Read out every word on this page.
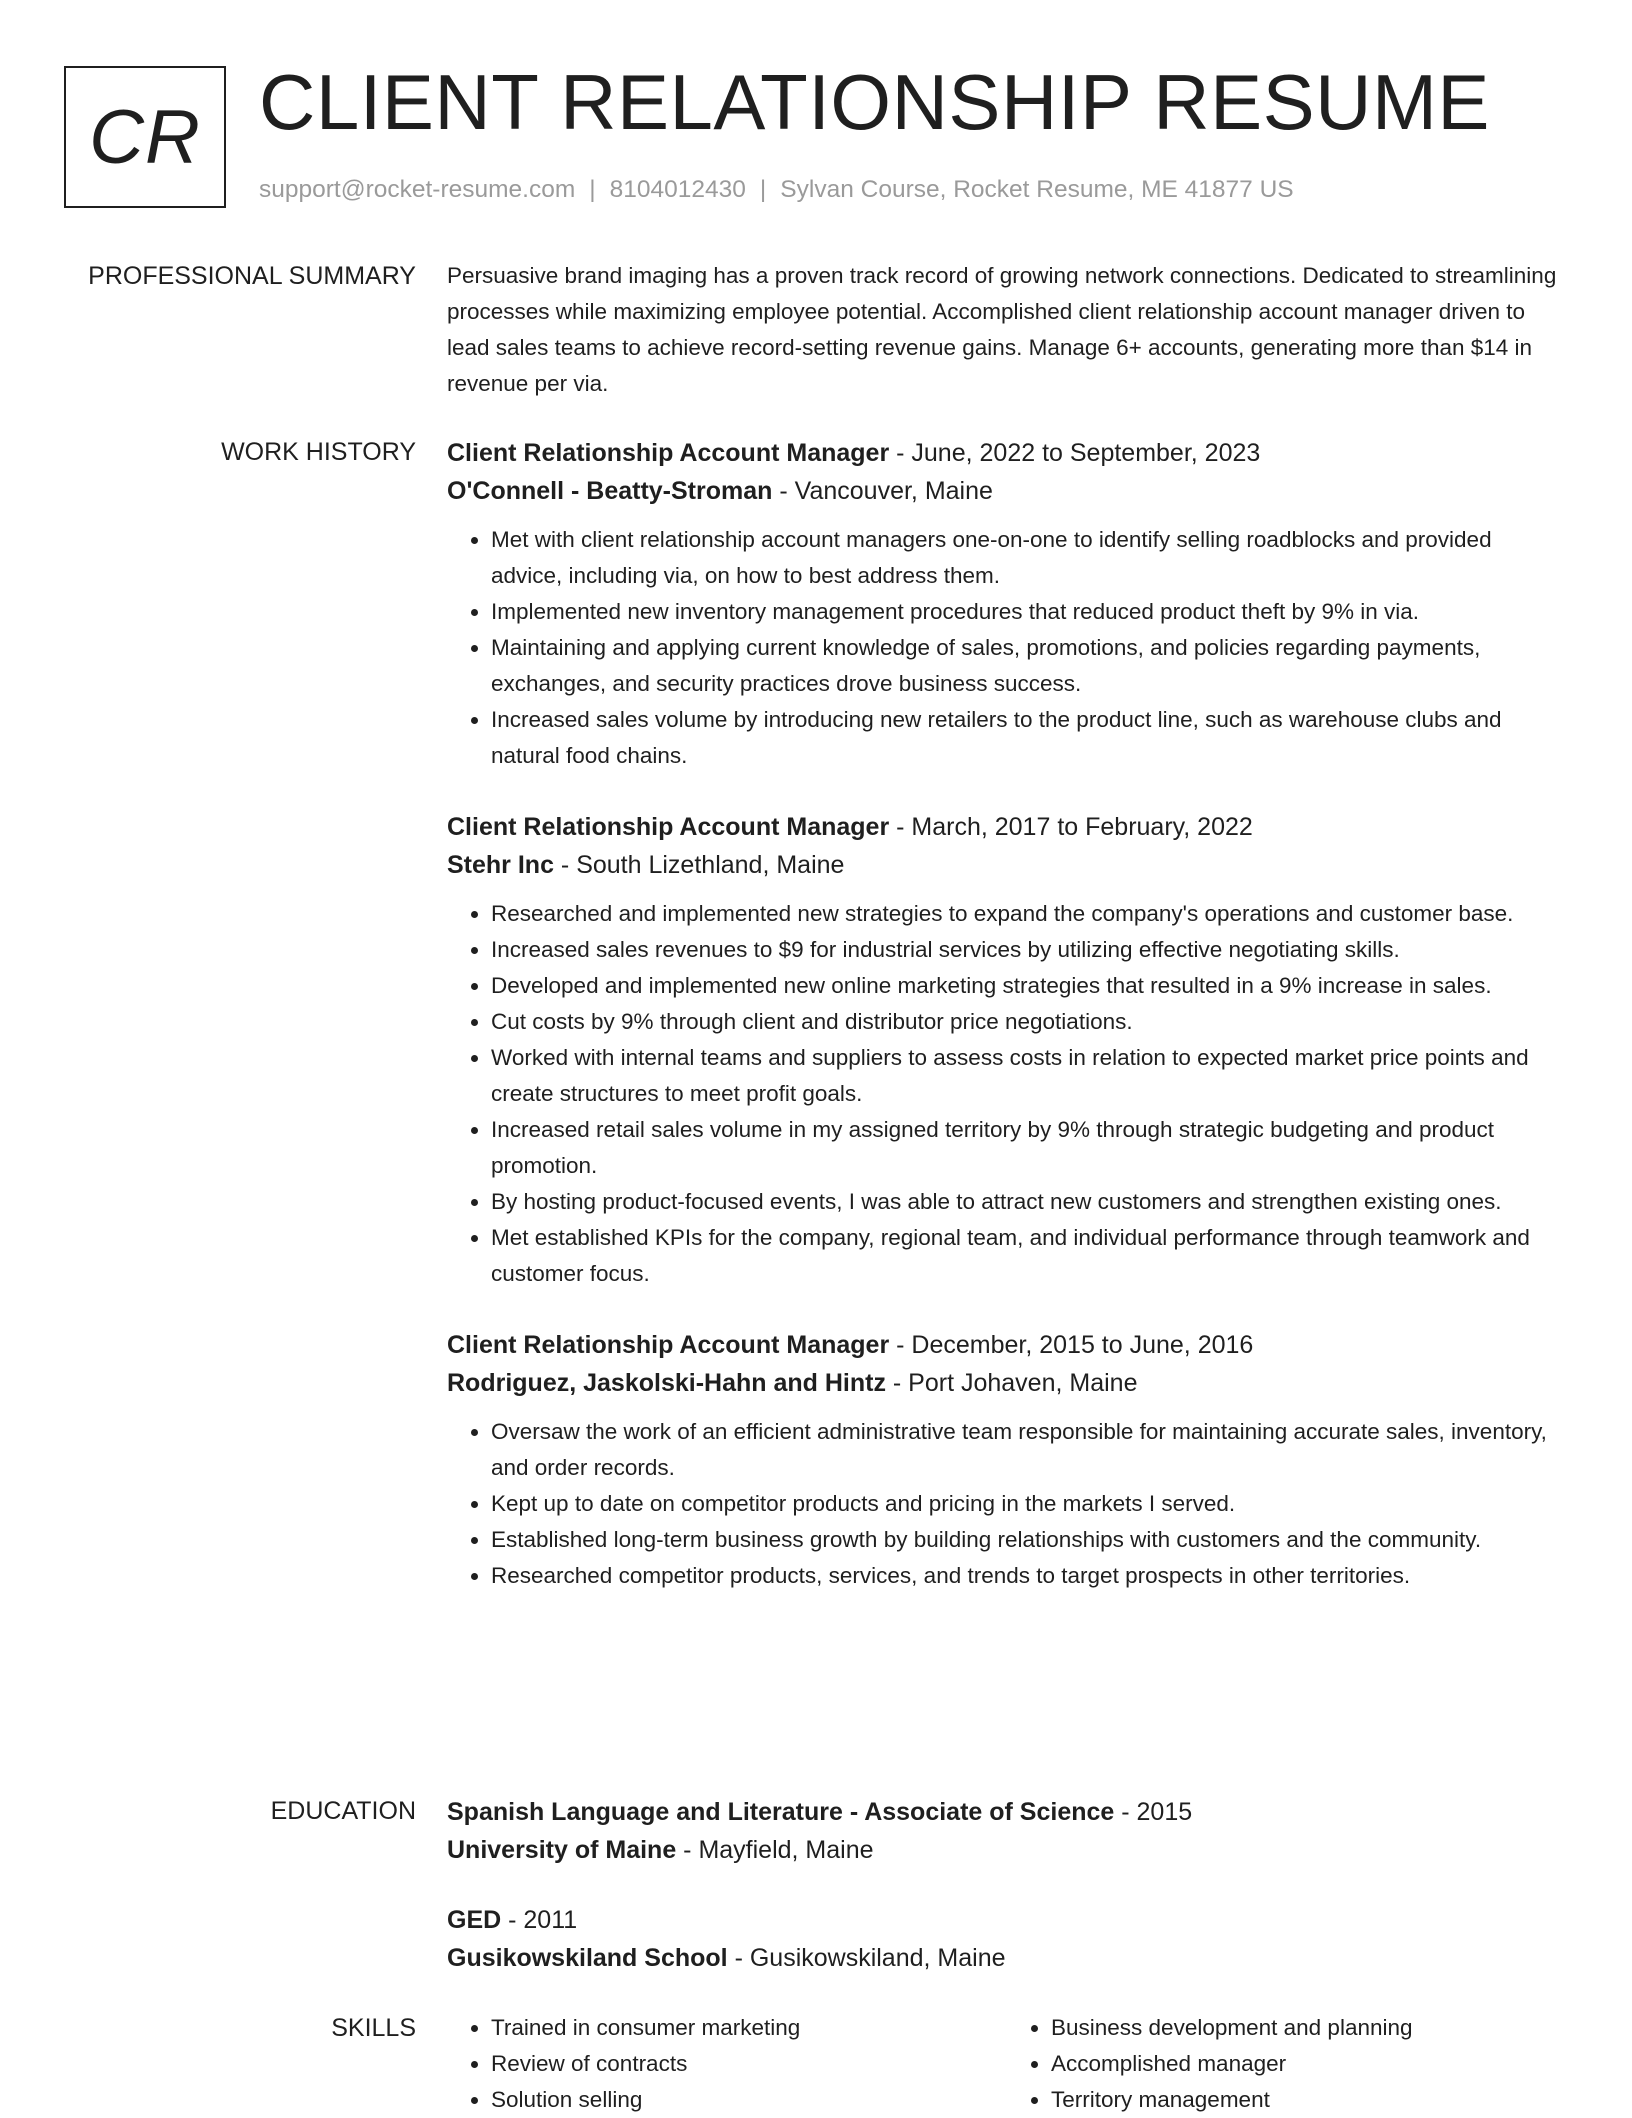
CR CLIENT RELATIONSHIP RESUME
support@rocket-resume.com | 8104012430 | Sylvan Course, Rocket Resume, ME 41877 US
PROFESSIONAL SUMMARY Persuasive brand imaging has a proven track record of growing network connections. Dedicated to streamlining processes while maximizing employee potential. Accomplished client relationship account manager driven to lead sales teams to achieve record-setting revenue gains. Manage 6+ accounts, generating more than $14 in revenue per via.

WORK HISTORY Client Relationship Account Manager - June, 2022 to September, 2023
O'Connell - Beatty-Stroman - Vancouver, Maine
• Met with client relationship account managers one-on-one to identify selling roadblocks and provided advice, including via, on how to best address them.
• Implemented new inventory management procedures that reduced product theft by 9% in via.
• Maintaining and applying current knowledge of sales, promotions, and policies regarding payments, exchanges, and security practices drove business success.
• Increased sales volume by introducing new retailers to the product line, such as warehouse clubs and natural food chains.
Client Relationship Account Manager - March, 2017 to February, 2022
Stehr Inc - South Lizethland, Maine
• Researched and implemented new strategies to expand the company's operations and customer base.
• Increased sales revenues to $9 for industrial services by utilizing effective negotiating skills.
• Developed and implemented new online marketing strategies that resulted in a 9% increase in sales.
• Cut costs by 9% through client and distributor price negotiations.
• Worked with internal teams and suppliers to assess costs in relation to expected market price points and create structures to meet profit goals.
• Increased retail sales volume in my assigned territory by 9% through strategic budgeting and product promotion.
• By hosting product-focused events, I was able to attract new customers and strengthen existing ones.
• Met established KPIs for the company, regional team, and individual performance through teamwork and customer focus.
Client Relationship Account Manager - December, 2015 to June, 2016
Rodriguez, Jaskolski-Hahn and Hintz - Port Johaven, Maine
• Oversaw the work of an efficient administrative team responsible for maintaining accurate sales, inventory, and order records.
• Kept up to date on competitor products and pricing in the markets I served.
• Established long-term business growth by building relationships with customers and the community.
• Researched competitor products, services, and trends to target prospects in other territories.
EDUCATION Spanish Language and Literature - Associate of Science - 2015
University of Maine - Mayfield, Maine
GED - 2011
Gusikowskiland School - Gusikowskiland, Maine
SKILLS
•	Trained in consumer marketing
• Review of contracts
• Solution selling
• Business development and planning
• Accomplished manager
• Territory management
